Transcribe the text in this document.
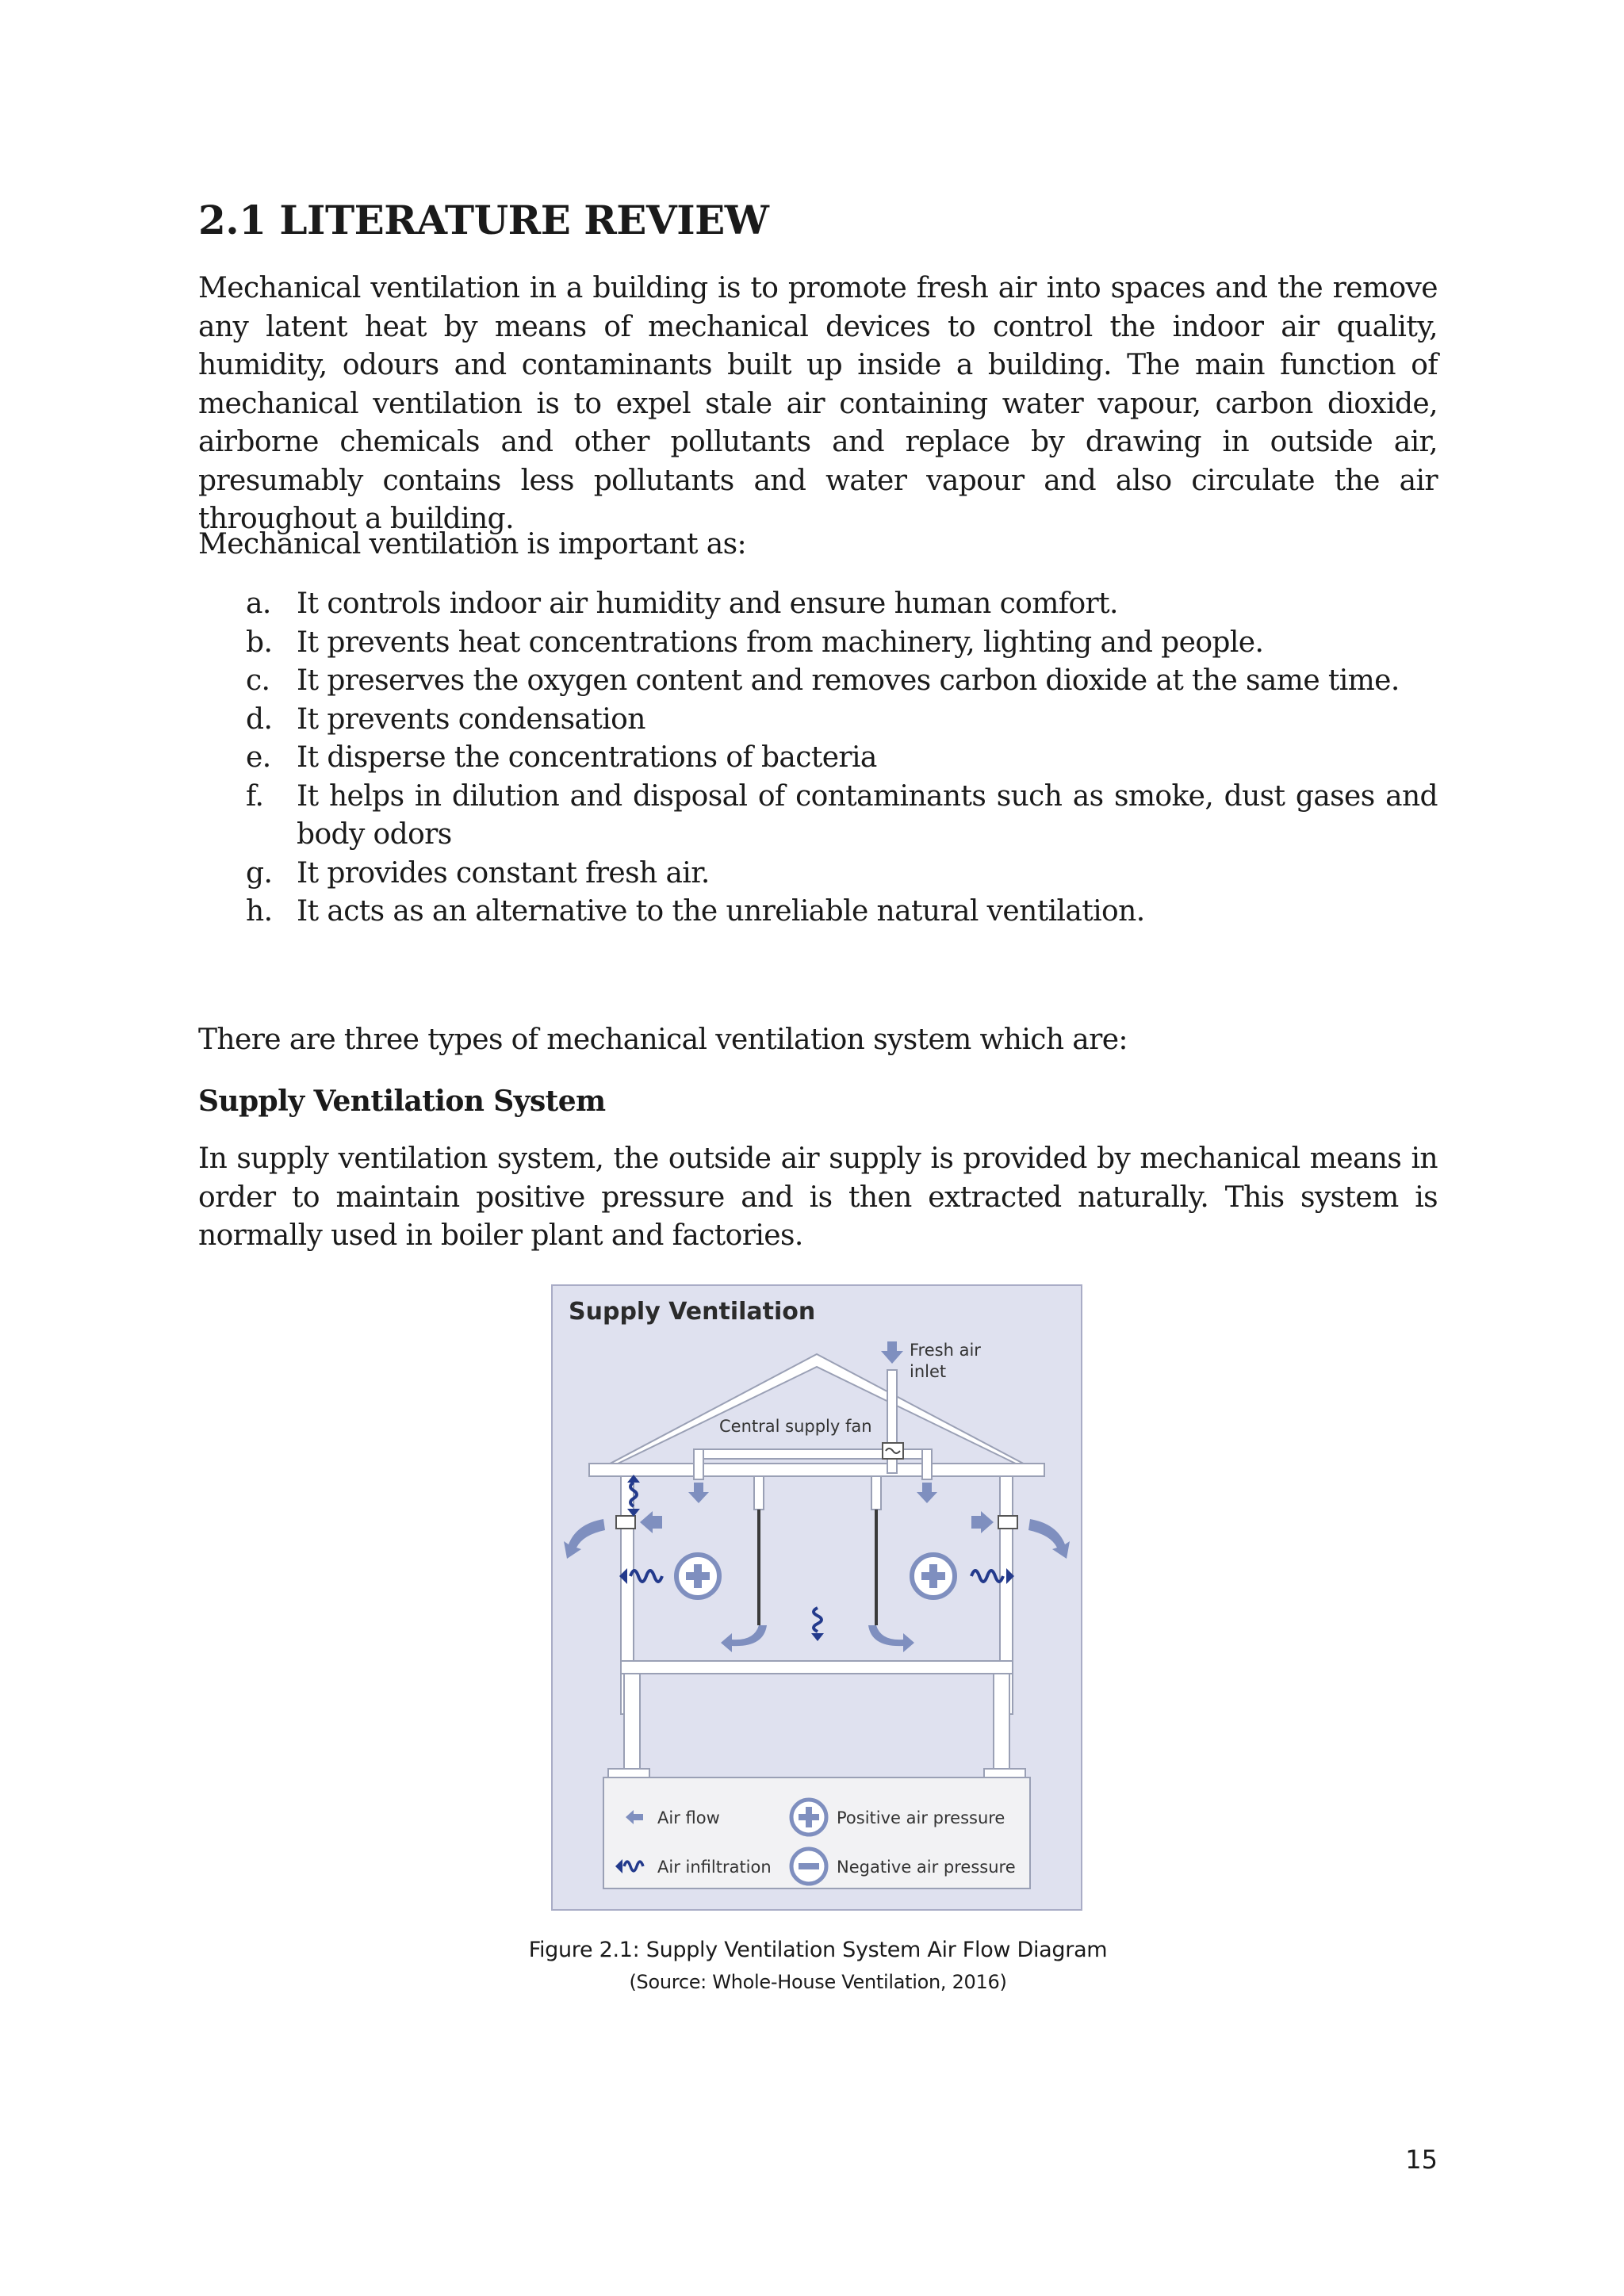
2.1 LITERATURE REVIEW

Mechanical ventilation in a building is to promote fresh air into spaces and the remove any latent heat by means of mechanical devices to control the indoor air quality, humidity, odours and contaminants built up inside a building. The main function of mechanical ventilation is to expel stale air containing water vapour, carbon dioxide, airborne chemicals and other pollutants and replace by drawing in outside air, presumably contains less pollutants and water vapour and also circulate the air throughout a building.

Mechanical ventilation is important as:

a. It controls indoor air humidity and ensure human comfort.
b. It prevents heat concentrations from machinery, lighting and people.
c. It preserves the oxygen content and removes carbon dioxide at the same time.
d. It prevents condensation
e. It disperse the concentrations of bacteria
f. It helps in dilution and disposal of contaminants such as smoke, dust gases and body odors
g. It provides constant fresh air.
h. It acts as an alternative to the unreliable natural ventilation.

There are three types of mechanical ventilation system which are:

Supply Ventilation System

In supply ventilation system, the outside air supply is provided by mechanical means in order to maintain positive pressure and is then extracted naturally. This system is normally used in boiler plant and factories.

Supply Ventilation
Fresh air
inlet
Central supply fan
Air flow
Air infiltration
Positive air pressure
Negative air pressure

Figure 2.1: Supply Ventilation System Air Flow Diagram

(Source: Whole-House Ventilation, 2016)

15
